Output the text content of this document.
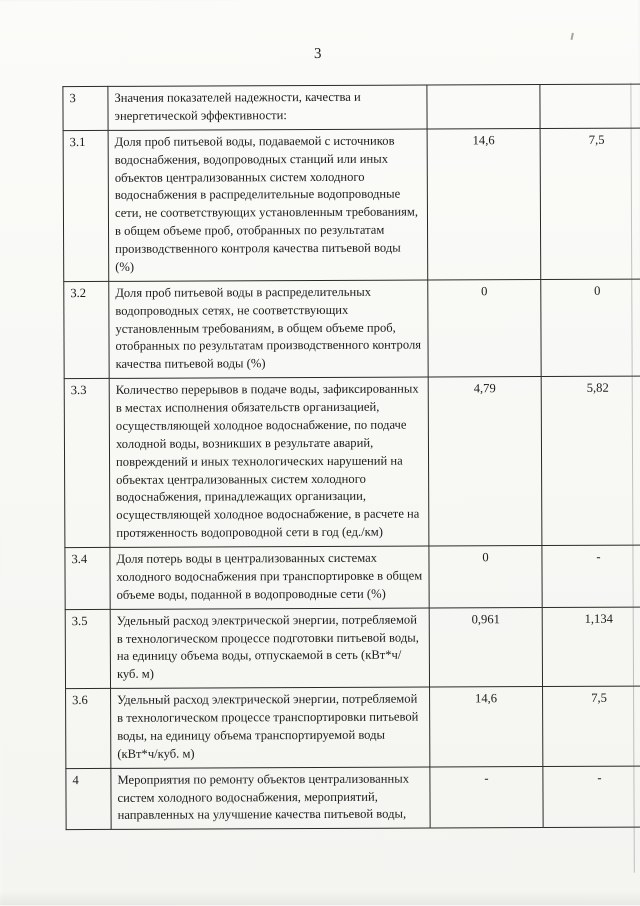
3
3	Значения показателей надежности, качества и энергетической эффективности:		
3.1	Доля проб питьевой воды, подаваемой с источников водоснабжения, водопроводных станций или иных объектов централизованных систем холодного водоснабжения в распределительные водопроводные сети, не соответствующих установленным требованиям, в общем объеме проб, отобранных по результатам производственного контроля качества питьевой воды (%)	14,6	7,5
3.2	Доля проб питьевой воды в распределительных водопроводных сетях, не соответствующих установленным требованиям, в общем объеме проб, отобранных по результатам производственного контроля качества питьевой воды (%)	0	0
3.3	Количество перерывов в подаче воды, зафиксированных в местах исполнения обязательств организацией, осуществляющей холодное водоснабжение, по подаче холодной воды, возникших в результате аварий, повреждений и иных технологических нарушений на объектах централизованных систем холодного водоснабжения, принадлежащих организации, осуществляющей холодное водоснабжение, в расчете на протяженность водопроводной сети в год (ед./км)	4,79	5,82
3.4	Доля потерь воды в централизованных системах холодного водоснабжения при транспортировке в общем объеме воды, поданной в водопроводные сети (%)	0	-
3.5	Удельный расход электрической энергии, потребляемой в технологическом процессе подготовки питьевой воды, на единицу объема воды, отпускаемой в сеть (кВт*ч/куб. м)	0,961	1,134
3.6	Удельный расход электрической энергии, потребляемой в технологическом процессе транспортировки питьевой воды, на единицу объема транспортируемой воды (кВт*ч/куб. м)	14,6	7,5
4	Мероприятия по ремонту объектов централизованных систем холодного водоснабжения, мероприятий, направленных на улучшение качества питьевой воды,	-	-
